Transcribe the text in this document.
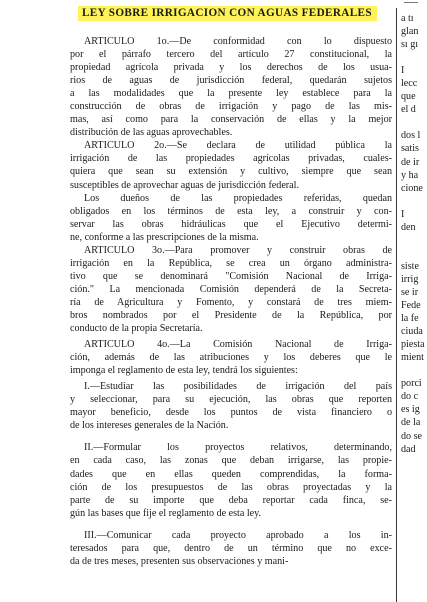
LEY SOBRE IRRIGACION CON AGUAS FEDERALES
ARTICULO 1o.—De conformidad con lo dispuesto
por el párrafo tercero del artículo 27 constitucional, la
propiedad agrícola privada y los derechos de los usua-
rios de aguas de jurisdicción federal, quedarán sujetos
a las modalidades que la presente ley establece para la
construcción de obras de irrigación y pago de las mis-
mas, así como para la conservación de ellas y la mejor
distribución de las aguas aprovechables.
ARTICULO 2o.—Se declara de utilidad pública la
irrigación de las propiedades agrícolas privadas, cuales-
quiera que sean su extensión y cultivo, siempre que sean
susceptibles de aprovechar aguas de jurisdicción federal.
Los dueños de las propiedades referidas, quedan
obligados en los términos de esta ley, a construir y con-
servar las obras hidráulicas que el Ejecutivo determi-
ne, conforme a las prescripciones de la misma.
ARTICULO 3o.—Para promover y construir obras de
irrigación en la República, se crea un órgano administra-
tivo que se denominará "Comisión Nacional de Irriga-
ción." La mencionada Comisión dependerá de la Secreta-
ría de Agricultura y Fomento, y constará de tres miem-
bros nombrados por el Presidente de la República, por
conducto de la propia Secretaría.
ARTICULO 4o.—La Comisión Nacional de Irriga-
ción, además de las atribuciones y los deberes que le
imponga el reglamento de esta ley, tendrá los siguientes:
I.—Estudiar las posibilidades de irrigación del país
y seleccionar, para su ejecución, las obras que reporten
mayor beneficio, desde los puntos de vista financiero o
de los intereses generales de la Nación.
II.—Formular los proyectos relativos, determinando,
en cada caso, las zonas que deban irrigarse, las propie-
dades que en ellas queden comprendidas, la forma-
ción de los presupuestos de las obras proyectadas y la
parte de su importe que deba reportar cada finca, se-
gún las bases que fije el reglamento de esta ley.
III.—Comunicar cada proyecto aprobado a los in-
teresados para que, dentro de un término que no exce-
da de tres meses, presenten sus observaciones y mani-
a tı
glan
sı gı
I
lecc
que
el d
dos l
satis
de ir
y ha
cione
I
den
siste
irrig
se ir
Fede
la fe
ciuda
piesta
mient
porci
do c
es ig
de la
do se
dad
